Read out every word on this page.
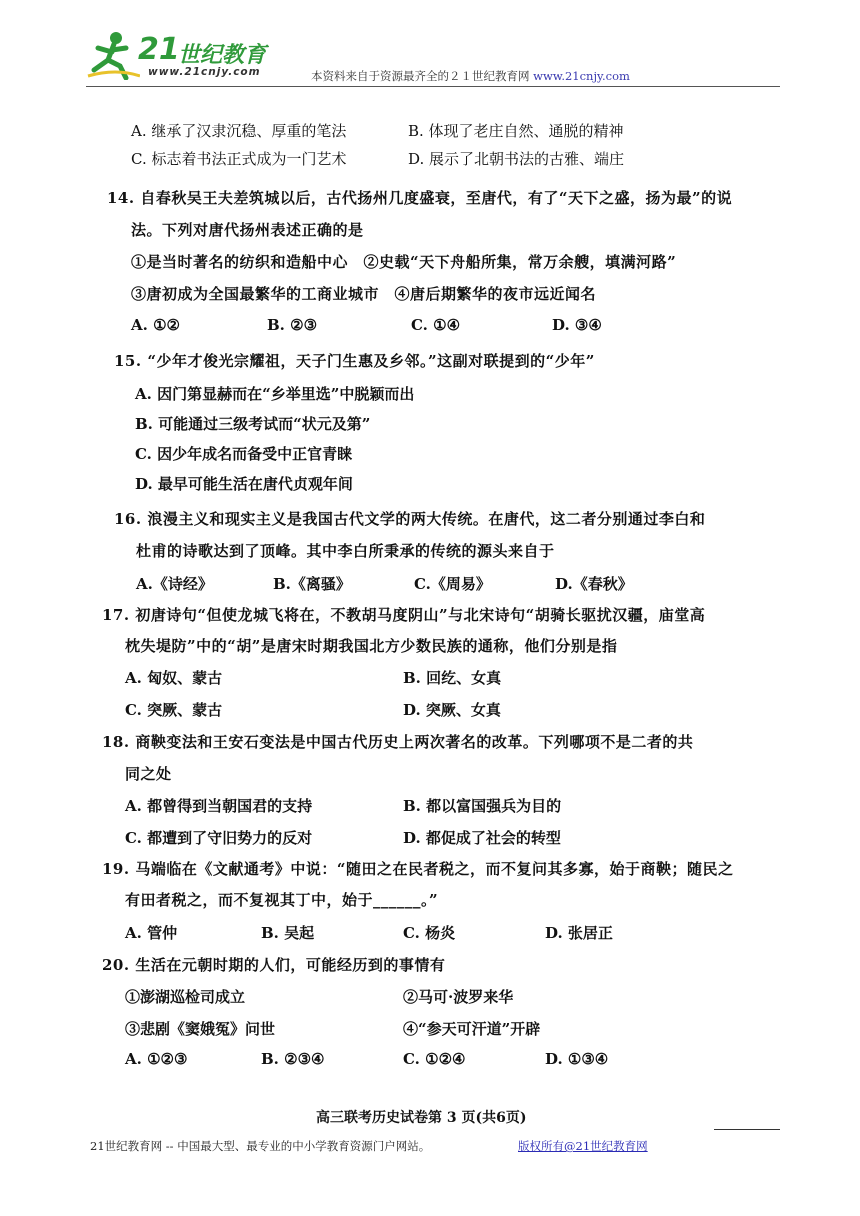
21
世纪教育
www.21cnjy.com	本资料来自于资源最齐全的２１世纪教育网 www.21cnjy.com
A. 继承了汉隶沉稳、厚重的笔法	B. 体现了老庄自然、通脱的精神
C. 标志着书法正式成为一门艺术	D. 展示了北朝书法的古雅、端庄
14. 自春秋吴王夫差筑城以后，古代扬州几度盛衰，至唐代，有了“天下之盛，扬为最”的说
法。下列对唐代扬州表述正确的是
①是当时著名的纺织和造船中心　②史载“天下舟船所集，常万余艘，填满河路”
③唐初成为全国最繁华的工商业城市　④唐后期繁华的夜市远近闻名
A. ①②	B. ②③	C. ①④	D. ③④
15. “少年才俊光宗耀祖，天子门生惠及乡邻。”这副对联提到的“少年”
A. 因门第显赫而在“乡举里选”中脱颖而出
B. 可能通过三级考试而“状元及第”
C. 因少年成名而备受中正官青睐
D. 最早可能生活在唐代贞观年间
16. 浪漫主义和现实主义是我国古代文学的两大传统。在唐代，这二者分别通过李白和
杜甫的诗歌达到了顶峰。其中李白所秉承的传统的源头来自于
A.《诗经》	B.《离骚》	C.《周易》	D.《春秋》
17. 初唐诗句“但使龙城飞将在，不教胡马度阴山”与北宋诗句“胡骑长驱扰汉疆，庙堂高
枕失堤防”中的“胡”是唐宋时期我国北方少数民族的通称，他们分别是指
A. 匈奴、蒙古	B. 回纥、女真
C. 突厥、蒙古	D. 突厥、女真
18. 商鞅变法和王安石变法是中国古代历史上两次著名的改革。下列哪项不是二者的共
同之处
A. 都曾得到当朝国君的支持	B. 都以富国强兵为目的
C. 都遭到了守旧势力的反对	D. 都促成了社会的转型
19. 马端临在《文献通考》中说：“随田之在民者税之，而不复问其多寡，始于商鞅；随民之
有田者税之，而不复视其丁中，始于______。”
A. 管仲	B. 吴起	C. 杨炎	D. 张居正
20. 生活在元朝时期的人们，可能经历到的事情有
①澎湖巡检司成立	②马可·波罗来华
③悲剧《窦娥冤》问世	④“参天可汗道”开辟
A. ①②③	B. ②③④	C. ①②④	D. ①③④
高三联考历史试卷第 3 页(共6页)
21世纪教育网 -- 中国最大型、最专业的中小学教育资源门户网站。	版权所有@21世纪教育网
